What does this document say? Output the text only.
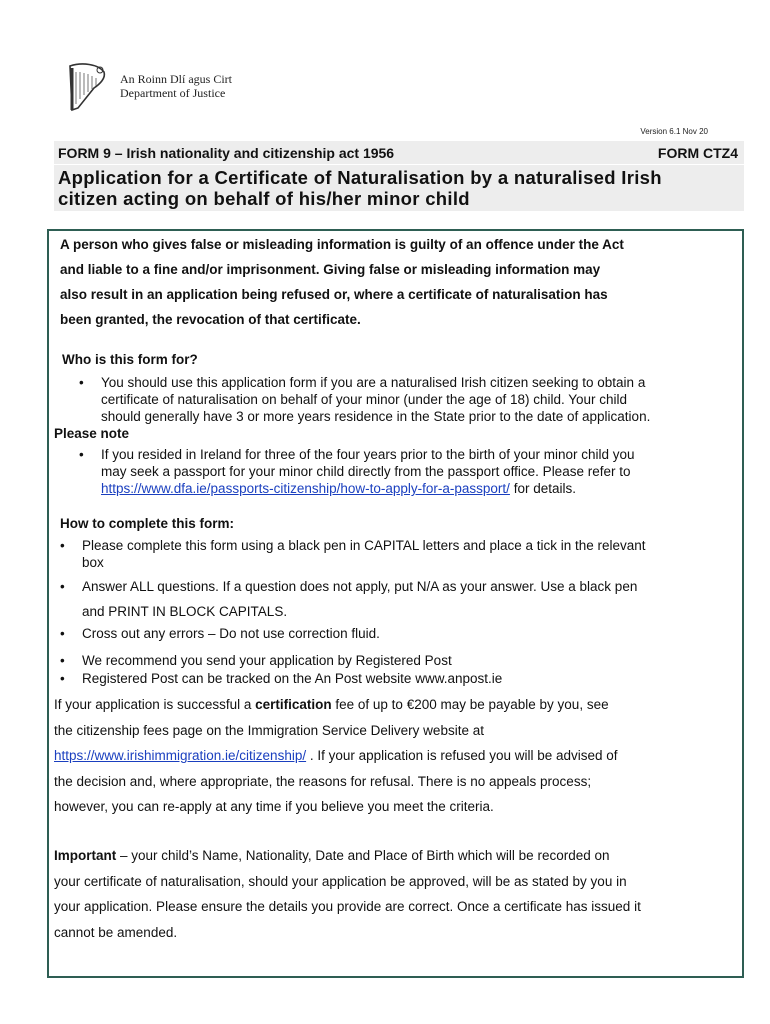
An Roinn Dlí agus Cirt
Department of Justice
Version 6.1 Nov 20
FORM 9 – Irish nationality and citizenship act 1956	FORM CTZ4
Application for a Certificate of Naturalisation by a naturalised Irish
citizen acting on behalf of his/her minor child
A person who gives false or misleading information is guilty of an offence under the Act
and liable to a fine and/or imprisonment. Giving false or misleading information may
also result in an application being refused or, where a certificate of naturalisation has
been granted, the revocation of that certificate.
Who is this form for?
• You should use this application form if you are a naturalised Irish citizen seeking to obtain a
certificate of naturalisation on behalf of your minor (under the age of 18) child. Your child
should generally have 3 or more years residence in the State prior to the date of application.
Please note
• If you resided in Ireland for three of the four years prior to the birth of your minor child you
may seek a passport for your minor child directly from the passport office. Please refer to
https://www.dfa.ie/passports-citizenship/how-to-apply-for-a-passport/ for details.
How to complete this form:
• Please complete this form using a black pen in CAPITAL letters and place a tick in the relevant
box
• Answer ALL questions. If a question does not apply, put N/A as your answer. Use a black pen
and PRINT IN BLOCK CAPITALS.
• Cross out any errors – Do not use correction fluid.
• We recommend you send your application by Registered Post
• Registered Post can be tracked on the An Post website www.anpost.ie
If your application is successful a certification fee of up to €200 may be payable by you, see
the citizenship fees page on the Immigration Service Delivery website at
https://www.irishimmigration.ie/citizenship/ . If your application is refused you will be advised of
the decision and, where appropriate, the reasons for refusal. There is no appeals process;
however, you can re-apply at any time if you believe you meet the criteria.
Important – your child’s Name, Nationality, Date and Place of Birth which will be recorded on
your certificate of naturalisation, should your application be approved, will be as stated by you in
your application. Please ensure the details you provide are correct. Once a certificate has issued it
cannot be amended.
